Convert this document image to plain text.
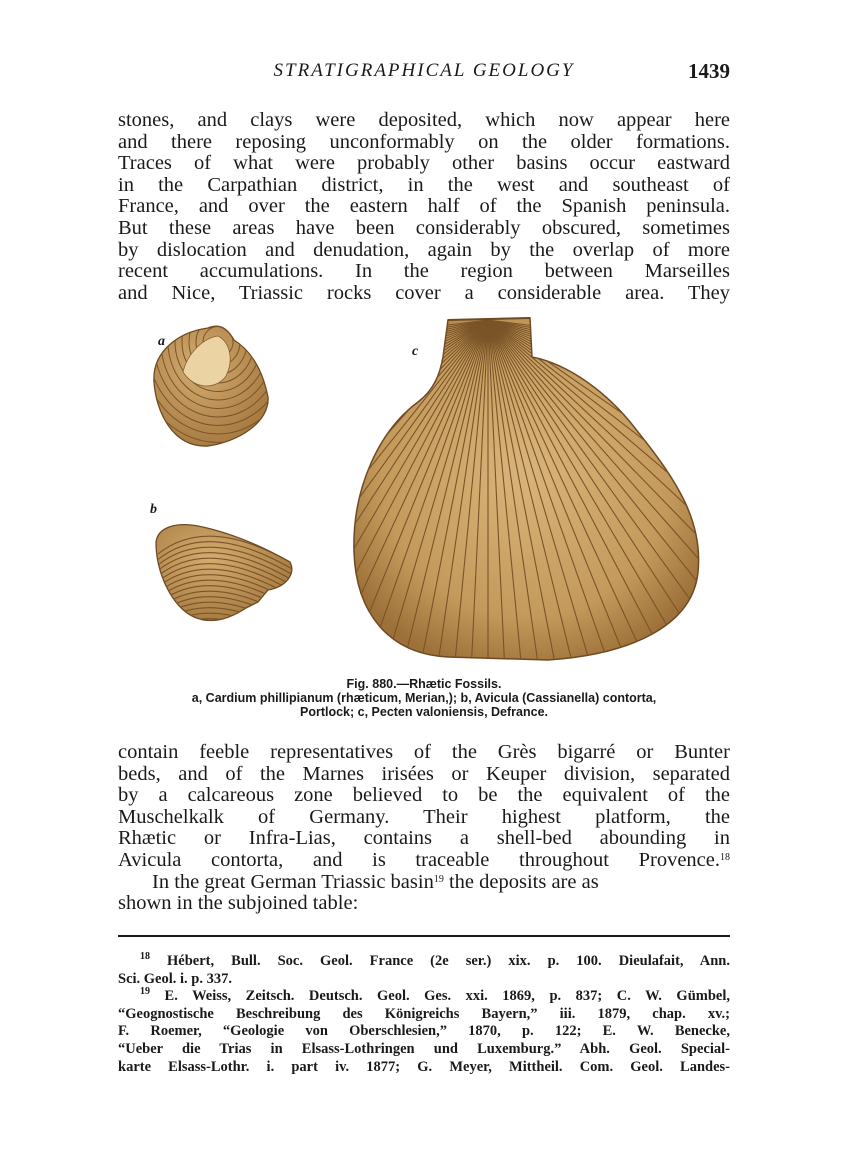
STRATIGRAPHICAL GEOLOGY	1439
stones, and clays were deposited, which now appear here
and there reposing unconformably on the older formations.
Traces of what were probably other basins occur eastward
in the Carpathian district, in the west and southeast of
France, and over the eastern half of the Spanish peninsula.
But these areas have been considerably obscured, sometimes
by dislocation and denudation, again by the overlap of more
recent accumulations. In the region between Marseilles
and Nice, Triassic rocks cover a considerable area. They
a
b
c
Fig. 880.—Rhætic Fossils.
a, Cardium phillipianum (rhæticum, Merian,); b, Avicula (Cassianella) contorta,
Portlock; c, Pecten valoniensis, Defrance.
contain feeble representatives of the Grès bigarré or Bunter
beds, and of the Marnes irisées or Keuper division, separated
by a calcareous zone believed to be the equivalent of the
Muschelkalk of Germany. Their highest platform, the
Rhætic or Infra-Lias, contains a shell-bed abounding in
Avicula contorta, and is traceable throughout Provence.$^{18}$
In the great German Triassic basin$^{19}$ the deposits are as
shown in the subjoined table:
$^{18}$ Hébert, Bull. Soc. Geol. France (2e ser.) xix. p. 100. Dieulafait, Ann.
Sci. Geol. i. p. 337.
$^{19}$ E. Weiss, Zeitsch. Deutsch. Geol. Ges. xxi. 1869, p. 837; C. W. Gümbel,
“Geognostische Beschreibung des Königreichs Bayern,” iii. 1879, chap. xv.;
F. Roemer, “Geologie von Oberschlesien,” 1870, p. 122; E. W. Benecke,
“Ueber die Trias in Elsass-Lothringen und Luxemburg.” Abh. Geol. Special-
karte Elsass-Lothr. i. part iv. 1877; G. Meyer, Mittheil. Com. Geol. Landes-
